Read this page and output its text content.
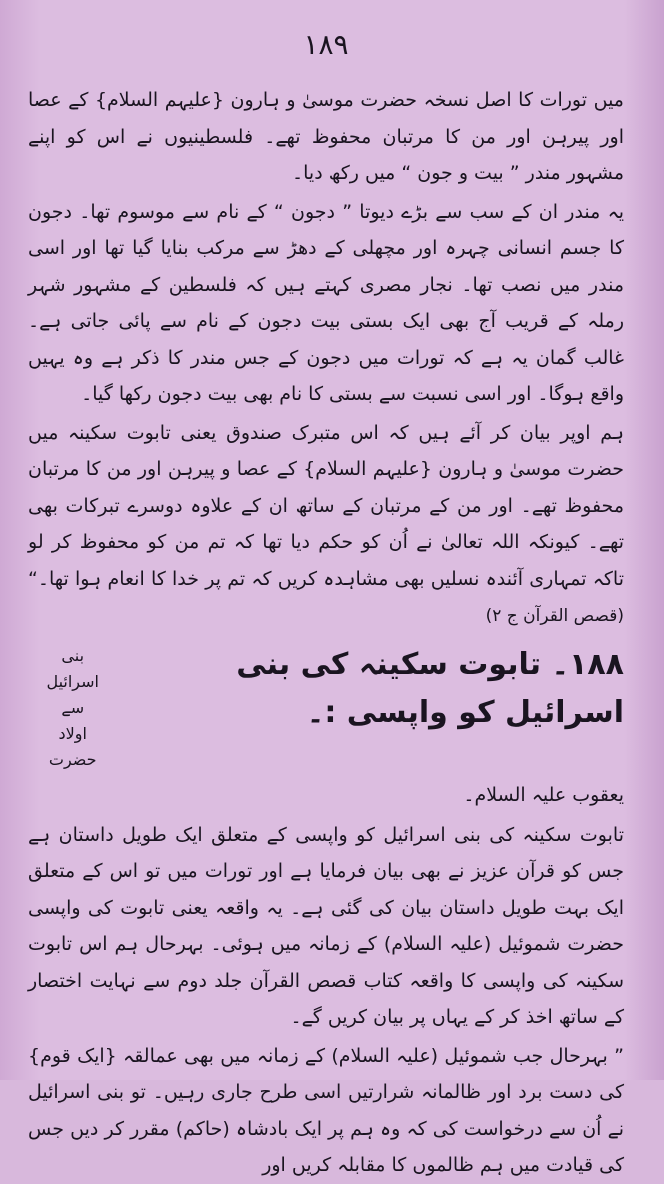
۱۸۹

میں تورات کا اصل نسخہ حضرت موسیٰ و ہارون {علیہم السلام} کے عصا اور پیرہن اور من کا مرتبان محفوظ تھے۔ فلسطینیوں نے اس کو اپنے مشہور مندر ” بیت و جون “ میں رکھ دیا۔

یہ مندر ان کے سب سے بڑے دیوتا ” دجون “ کے نام سے موسوم تھا۔ دجون کا جسم انسانی چہرہ اور مچھلی کے دھڑ سے مرکب بنایا گیا تھا اور اسی مندر میں نصب تھا۔ نجار مصری کہتے ہیں کہ فلسطین کے مشہور شہر رملہ کے قریب آج بھی ایک بستی بیت دجون کے نام سے پائی جاتی ہے۔ غالب گمان یہ ہے کہ تورات میں دجون کے جس مندر کا ذکر ہے وہ یہیں واقع ہوگا۔ اور اسی نسبت سے بستی کا نام بھی بیت دجون رکھا گیا۔

ہم اوپر بیان کر آئے ہیں کہ اس متبرک صندوق یعنی تابوت سکینہ میں حضرت موسیٰ و ہارون {علیہم السلام} کے عصا و پیرہن اور من کا مرتبان محفوظ تھے۔ اور من کے مرتبان کے ساتھ ان کے علاوہ دوسرے تبرکات بھی تھے۔ کیونکہ اللہ تعالیٰ نے اُن کو حکم دیا تھا کہ تم من کو محفوظ کر لو تاکہ تمہاری آئندہ نسلیں بھی مشاہدہ کریں کہ تم پر خدا کا انعام ہوا تھا۔“ (قصص القرآن ج ۲)

۱۸۸۔ تابوت سکینہ کی بنی اسرائیل کو واپسی :۔
بنی اسرائیل سے
اولاد حضرت
یعقوب علیہ السلام۔

تابوت سکینہ کی بنی اسرائیل کو واپسی کے متعلق ایک طویل داستان ہے جس کو قرآن عزیز نے بھی بیان فرمایا ہے اور تورات میں تو اس کے متعلق ایک بہت طویل داستان بیان کی گئی ہے۔ یہ واقعہ یعنی تابوت کی واپسی حضرت شموئیل (علیہ السلام) کے زمانہ میں ہوئی۔ بہرحال ہم اس تابوت سکینہ کی واپسی کا واقعہ کتاب قصص القرآن جلد دوم سے نہایت اختصار کے ساتھ اخذ کر کے یہاں پر بیان کریں گے۔

” بہرحال جب شموئیل (علیہ السلام) کے زمانہ میں بھی عمالقہ {ایک قوم} کی دست برد اور ظالمانہ شرارتیں اسی طرح جاری رہیں۔ تو بنی اسرائیل نے اُن سے درخواست کی کہ وہ ہم پر ایک بادشاہ (حاکم) مقرر کر دیں جس کی قیادت میں ہم ظالموں کا مقابلہ کریں اور
